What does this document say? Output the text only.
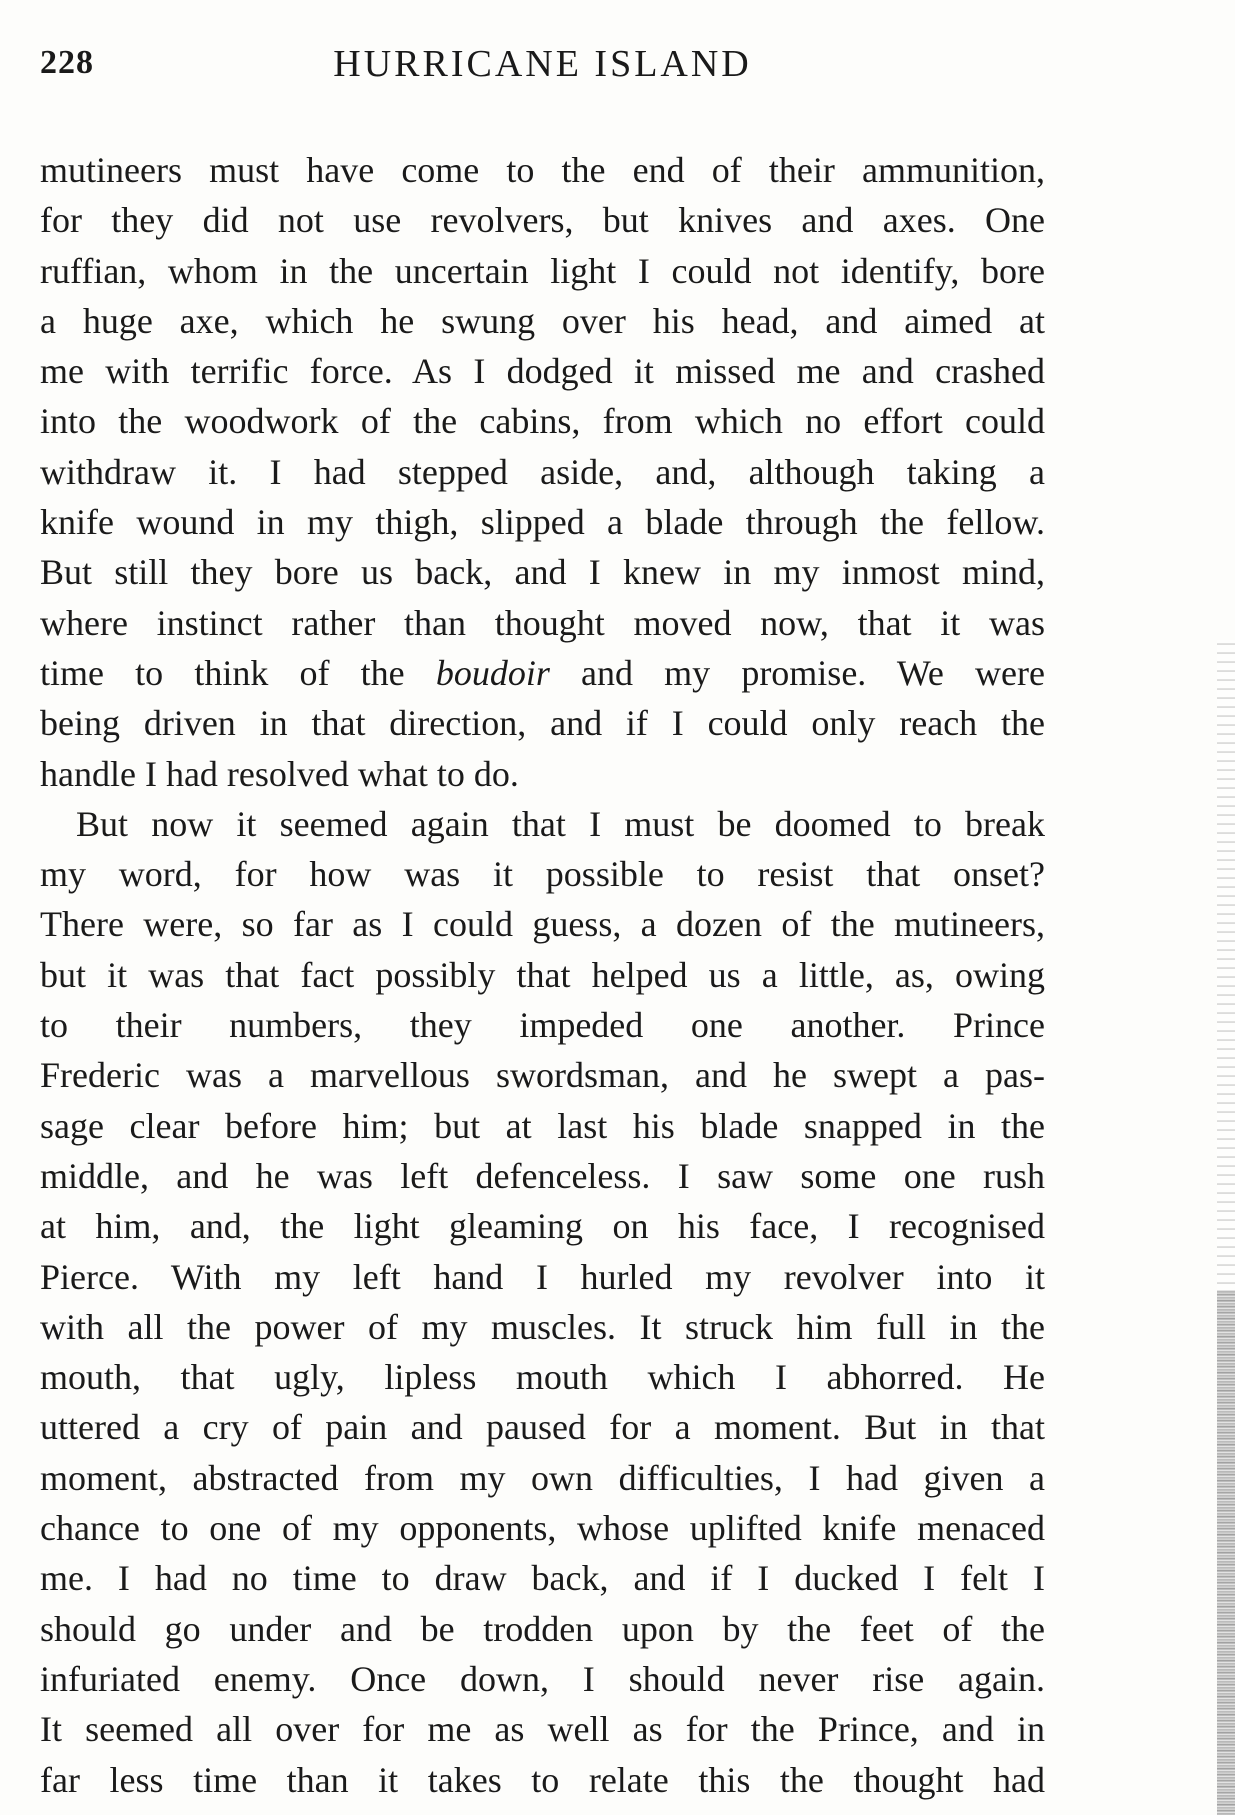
228	HURRICANE ISLAND
mutineers must have come to the end of their ammunition,
for they did not use revolvers, but knives and axes. One
ruffian, whom in the uncertain light I could not identify, bore
a huge axe, which he swung over his head, and aimed at
me with terrific force. As I dodged it missed me and crashed
into the woodwork of the cabins, from which no effort could
withdraw it. I had stepped aside, and, although taking a
knife wound in my thigh, slipped a blade through the fellow.
But still they bore us back, and I knew in my inmost mind,
where instinct rather than thought moved now, that it was
time to think of the boudoir and my promise. We were
being driven in that direction, and if I could only reach the
handle I had resolved what to do.
But now it seemed again that I must be doomed to break
my word, for how was it possible to resist that onset?
There were, so far as I could guess, a dozen of the mutineers,
but it was that fact possibly that helped us a little, as, owing
to their numbers, they impeded one another. Prince
Frederic was a marvellous swordsman, and he swept a pas-
sage clear before him; but at last his blade snapped in the
middle, and he was left defenceless. I saw some one rush
at him, and, the light gleaming on his face, I recognised
Pierce. With my left hand I hurled my revolver into it
with all the power of my muscles. It struck him full in the
mouth, that ugly, lipless mouth which I abhorred. He
uttered a cry of pain and paused for a moment. But in that
moment, abstracted from my own difficulties, I had given a
chance to one of my opponents, whose uplifted knife menaced
me. I had no time to draw back, and if I ducked I felt I
should go under and be trodden upon by the feet of the
infuriated enemy. Once down, I should never rise again.
It seemed all over for me as well as for the Prince, and in
far less time than it takes to relate this the thought had
